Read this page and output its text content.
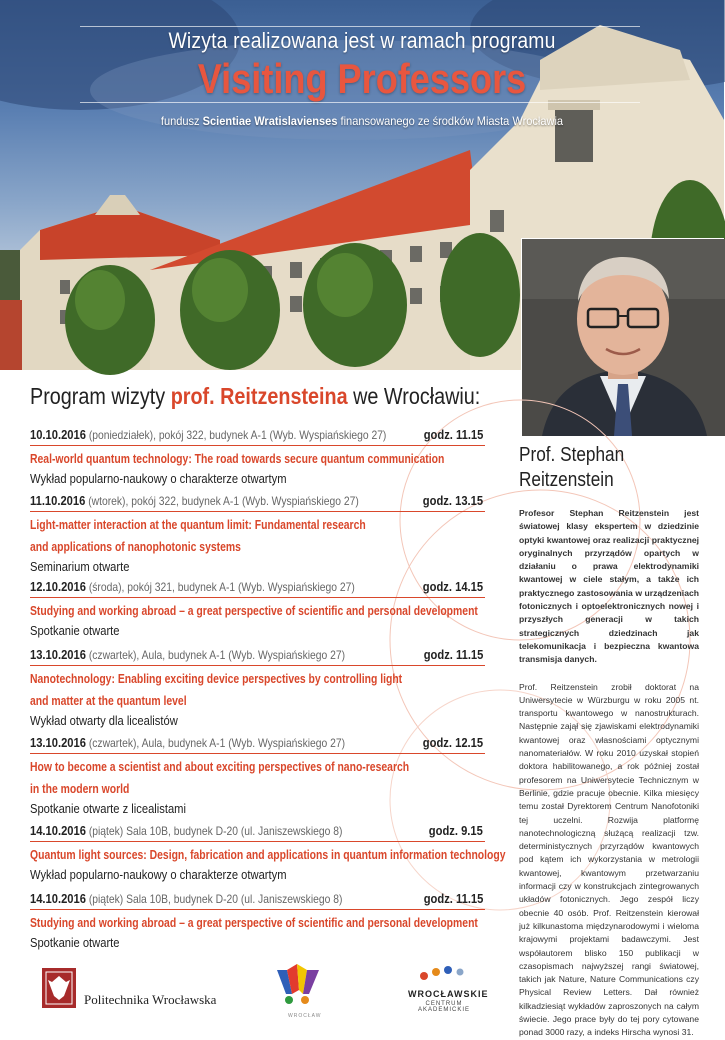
Wizyta realizowana jest w ramach programu
Visiting Professors
fundusz Scientiae Wratislavienses finansowanego ze środków Miasta Wrocławia
Program wizyty prof. Reitzensteina we Wrocławiu:
10.10.2016 (poniedziałek), pokój 322, budynek A-1 (Wyb. Wyspiańskiego 27)	godz. 11.15
Real-world quantum technology: The road towards secure quantum communication
Wykład popularno-naukowy o charakterze otwartym
11.10.2016 (wtorek), pokój 322, budynek A-1 (Wyb. Wyspiańskiego 27)	godz. 13.15
Light-matter interaction at the quantum limit: Fundamental research
and applications of nanophotonic systems
Seminarium otwarte
12.10.2016 (środa), pokój 321, budynek A-1 (Wyb. Wyspiańskiego 27)	godz. 14.15
Studying and working abroad – a great perspective of scientific and personal development
Spotkanie otwarte
13.10.2016 (czwartek), Aula, budynek A-1 (Wyb. Wyspiańskiego 27)	godz. 11.15
Nanotechnology: Enabling exciting device perspectives by controlling light
and matter at the quantum level
Wykład otwarty dla licealistów
13.10.2016 (czwartek), Aula, budynek A-1 (Wyb. Wyspiańskiego 27)	godz. 12.15
How to become a scientist and about exciting perspectives of nano-research
in the modern world
Spotkanie otwarte z licealistami
14.10.2016 (piątek) Sala 10B, budynek D-20 (ul. Janiszewskiego 8)	godz. 9.15
Quantum light sources: Design, fabrication and applications in quantum information technology
Wykład popularno-naukowy o charakterze otwartym
14.10.2016 (piątek) Sala 10B, budynek D-20 (ul. Janiszewskiego 8)	godz. 11.15
Studying and working abroad – a great perspective of scientific and personal development
Spotkanie otwarte
Prof. Stephan
Reitzenstein
Profesor Stephan Reitzenstein jest światowej klasy ekspertem w dziedzinie optyki kwantowej oraz realizacji praktycznej oryginalnych przyrządów opartych w działaniu o prawa elektrodynamiki kwantowej w ciele stałym, a także ich praktycznego zastosowania w urządzeniach fotonicznych i optoelektronicznych nowej i przyszłych generacji w takich strategicznych dziedzinach jak telekomunikacja i bezpieczna kwantowa transmisja danych.
Prof. Reitzenstein zrobił doktorat na Uniwersytecie w Würzburgu w roku 2005 nt. transportu kwantowego w nanostrukturach. Następnie zajął się zjawiskami elektrodynamiki kwantowej oraz własnościami optycznymi nanomateriałów. W roku 2010 uzyskał stopień doktora habilitowanego, a rok później został profesorem na Uniwersytecie Technicznym w Berlinie, gdzie pracuje obecnie. Kilka miesięcy temu został Dyrektorem Centrum Nanofotoniki tej uczelni. Rozwija platformę nanotechnologiczną służącą realizacji tzw. deterministycznych przyrządów kwantowych pod kątem ich wykorzystania w metrologii kwantowej, kwantowym przetwarzaniu informacji czy w konstrukcjach zintegrowanych układów fotonicznych. Jego zespół liczy obecnie 40 osób. Prof. Reitzenstein kierował już kilkunastoma międzynarodowymi i wieloma krajowymi projektami badawczymi. Jest współautorem blisko 150 publikacji w czasopismach najwyższej rangi światowej, takich jak Nature, Nature Communications czy Physical Review Letters. Dał również kilkadziesiąt wykładów zaproszonych na całym świecie. Jego prace były do tej pory cytowane ponad 3000 razy, a indeks Hirscha wynosi 31.
Politechnika Wrocławska
WROCŁAW
WROCŁAWSKIE
CENTRUM AKADEMICKIE
